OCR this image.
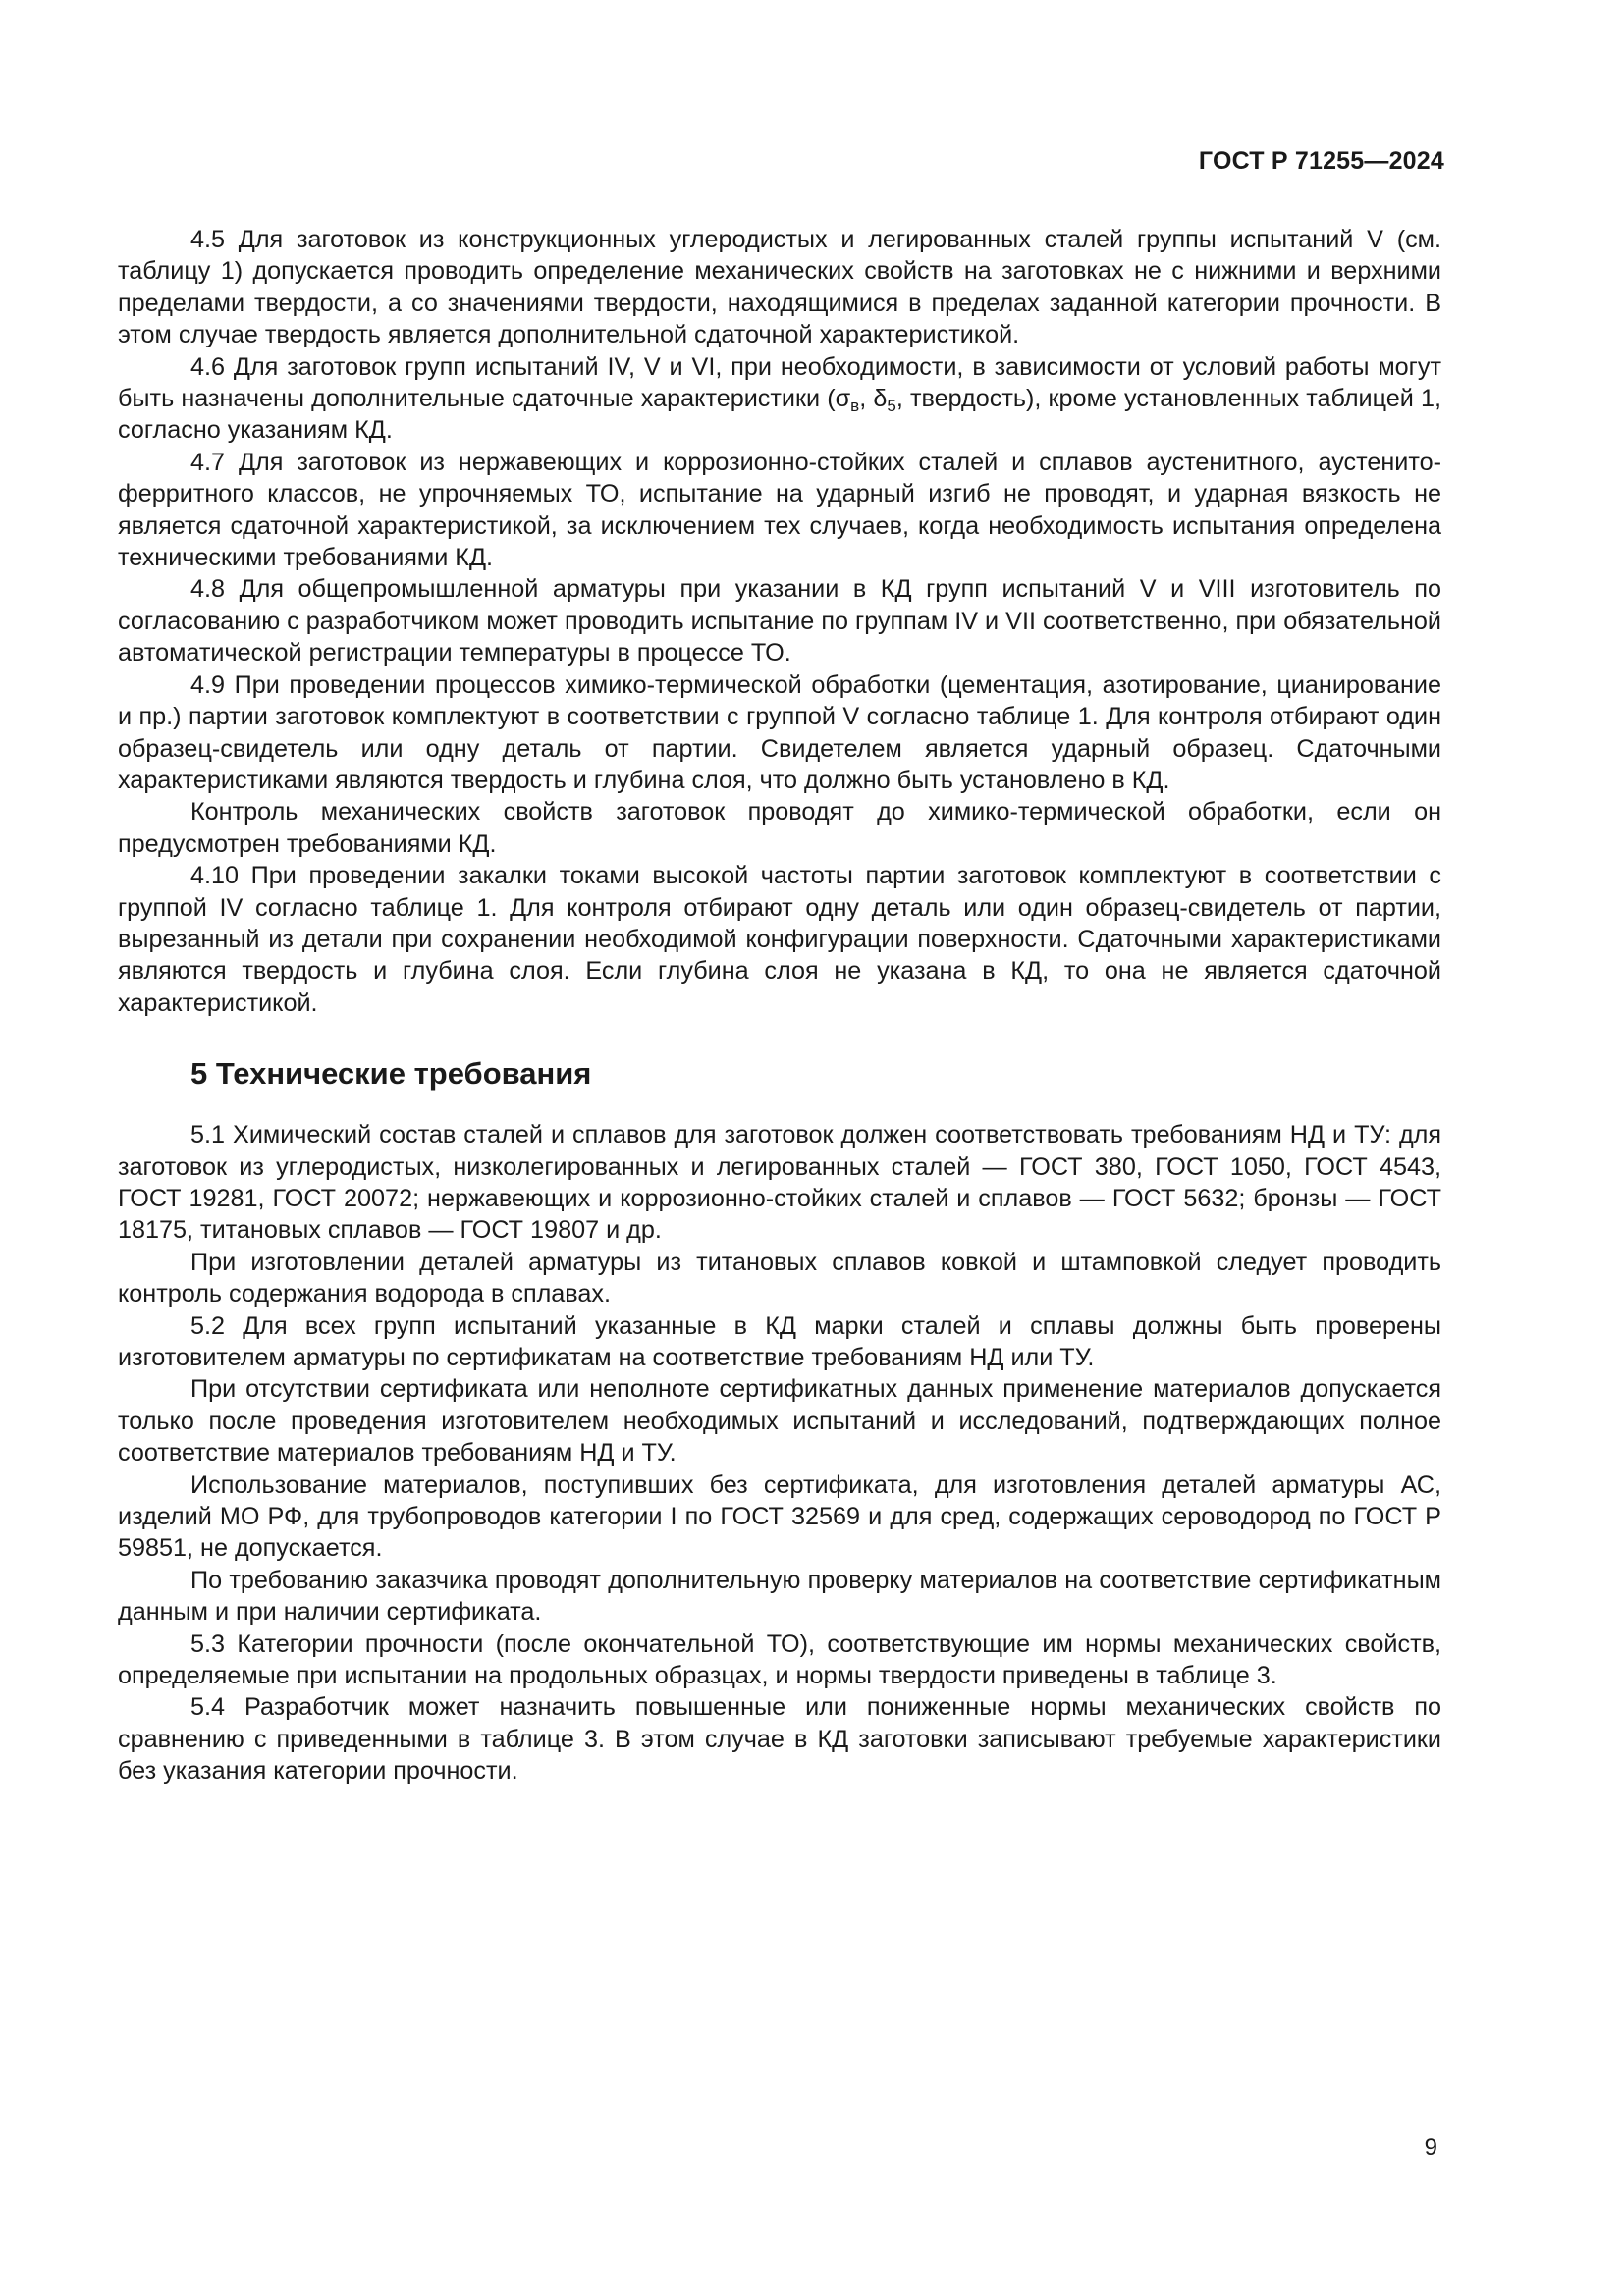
ГОСТ Р 71255—2024

4.5 Для заготовок из конструкционных углеродистых и легированных сталей группы испытаний V (см. таблицу 1) допускается проводить определение механических свойств на заготовках не с нижними и верхними пределами твердости, а со значениями твердости, находящимися в пределах заданной категории прочности. В этом случае твердость является дополнительной сдаточной характеристикой.

4.6 Для заготовок групп испытаний IV, V и VI, при необходимости, в зависимости от условий работы могут быть назначены дополнительные сдаточные характеристики ($\sigma_в$, $\delta_5$, твердость), кроме установленных таблицей 1, согласно указаниям КД.

4.7 Для заготовок из нержавеющих и коррозионно-стойких сталей и сплавов аустенитного, аустенито-ферритного классов, не упрочняемых ТО, испытание на ударный изгиб не проводят, и ударная вязкость не является сдаточной характеристикой, за исключением тех случаев, когда необходимость испытания определена техническими требованиями КД.

4.8 Для общепромышленной арматуры при указании в КД групп испытаний V и VIII изготовитель по согласованию с разработчиком может проводить испытание по группам IV и VII соответственно, при обязательной автоматической регистрации температуры в процессе ТО.

4.9 При проведении процессов химико-термической обработки (цементация, азотирование, цианирование и пр.) партии заготовок комплектуют в соответствии с группой V согласно таблице 1. Для контроля отбирают один образец-свидетель или одну деталь от партии. Свидетелем является ударный образец. Сдаточными характеристиками являются твердость и глубина слоя, что должно быть установлено в КД.

Контроль механических свойств заготовок проводят до химико-термической обработки, если он предусмотрен требованиями КД.

4.10 При проведении закалки токами высокой частоты партии заготовок комплектуют в соответствии с группой IV согласно таблице 1. Для контроля отбирают одну деталь или один образец-свидетель от партии, вырезанный из детали при сохранении необходимой конфигурации поверхности. Сдаточными характеристиками являются твердость и глубина слоя. Если глубина слоя не указана в КД, то она не является сдаточной характеристикой.

5 Технические требования

5.1 Химический состав сталей и сплавов для заготовок должен соответствовать требованиям НД и ТУ: для заготовок из углеродистых, низколегированных и легированных сталей — ГОСТ 380, ГОСТ 1050, ГОСТ 4543, ГОСТ 19281, ГОСТ 20072; нержавеющих и коррозионно-стойких сталей и сплавов — ГОСТ 5632; бронзы — ГОСТ 18175, титановых сплавов — ГОСТ 19807 и др.

При изготовлении деталей арматуры из титановых сплавов ковкой и штамповкой следует проводить контроль содержания водорода в сплавах.

5.2 Для всех групп испытаний указанные в КД марки сталей и сплавы должны быть проверены изготовителем арматуры по сертификатам на соответствие требованиям НД или ТУ.

При отсутствии сертификата или неполноте сертификатных данных применение материалов допускается только после проведения изготовителем необходимых испытаний и исследований, подтверждающих полное соответствие материалов требованиям НД и ТУ.

Использование материалов, поступивших без сертификата, для изготовления деталей арматуры АС, изделий МО РФ, для трубопроводов категории I по ГОСТ 32569 и для сред, содержащих сероводород по ГОСТ Р 59851, не допускается.

По требованию заказчика проводят дополнительную проверку материалов на соответствие сертификатным данным и при наличии сертификата.

5.3 Категории прочности (после окончательной ТО), соответствующие им нормы механических свойств, определяемые при испытании на продольных образцах, и нормы твердости приведены в таблице 3.

5.4 Разработчик может назначить повышенные или пониженные нормы механических свойств по сравнению с приведенными в таблице 3. В этом случае в КД заготовки записывают требуемые характеристики без указания категории прочности.

9
